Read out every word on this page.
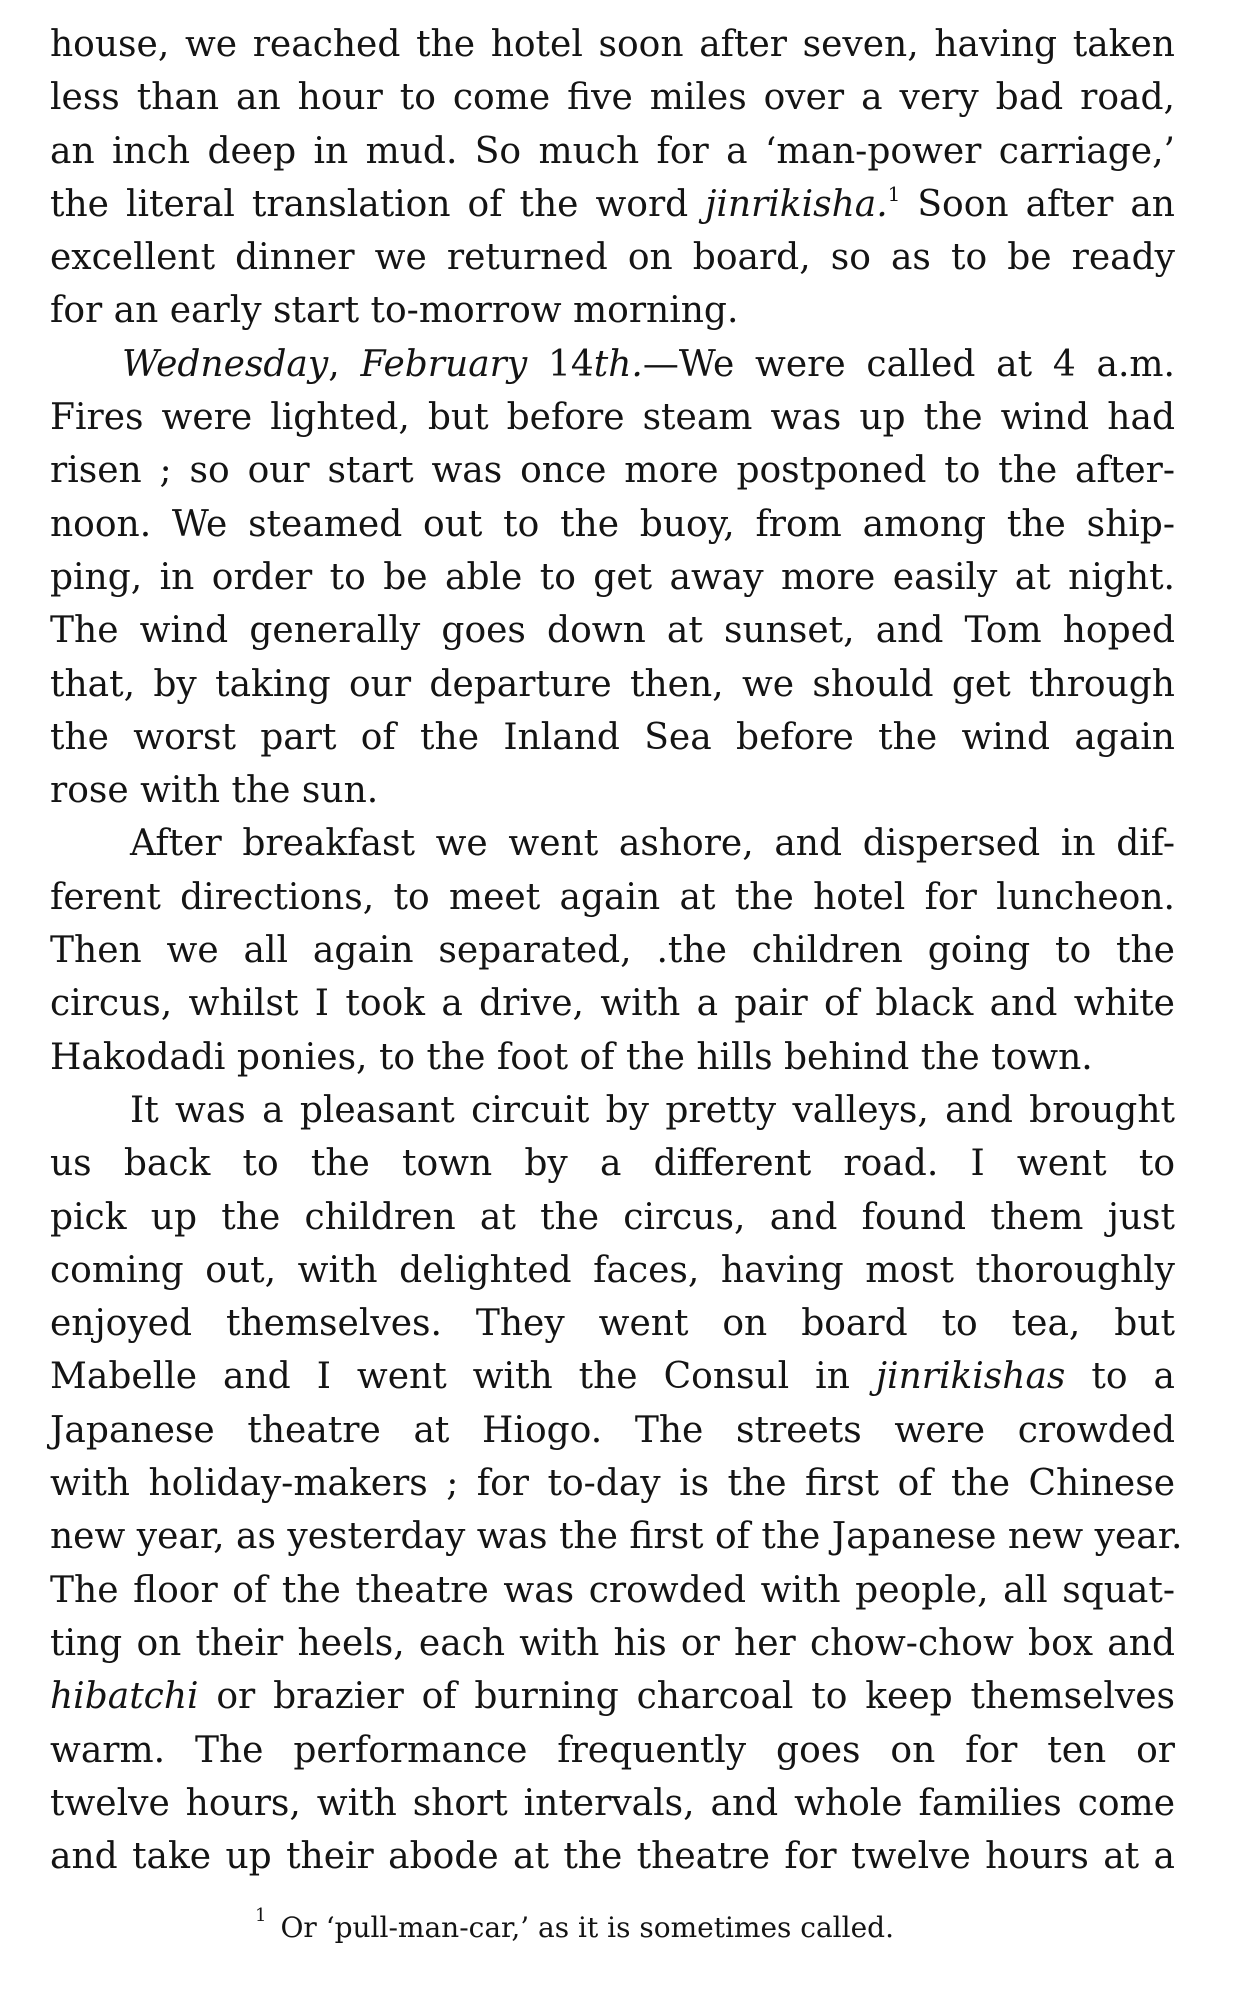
house, we reached the hotel soon after seven, having taken
less than an hour to come five miles over a very bad road,
an inch deep in mud. So much for a ‘man-power carriage,’
the literal translation of the word jinrikisha.$^1$ Soon after an
excellent dinner we returned on board, so as to be ready
for an early start to-morrow morning.
Wednesday, February 14th.—We were called at 4 a.m.
Fires were lighted, but before steam was up the wind had
risen ; so our start was once more postponed to the after-
noon. We steamed out to the buoy, from among the ship-
ping, in order to be able to get away more easily at night.
The wind generally goes down at sunset, and Tom hoped
that, by taking our departure then, we should get through
the worst part of the Inland Sea before the wind again
rose with the sun.
After breakfast we went ashore, and dispersed in dif-
ferent directions, to meet again at the hotel for luncheon.
Then we all again separated, .the children going to the
circus, whilst I took a drive, with a pair of black and white
Hakodadi ponies, to the foot of the hills behind the town.
It was a pleasant circuit by pretty valleys, and brought
us back to the town by a different road. I went to
pick up the children at the circus, and found them just
coming out, with delighted faces, having most thoroughly
enjoyed themselves. They went on board to tea, but
Mabelle and I went with the Consul in jinrikishas to a
Japanese theatre at Hiogo. The streets were crowded
with holiday-makers ; for to-day is the first of the Chinese
new year, as yesterday was the first of the Japanese new year.
The floor of the theatre was crowded with people, all squat-
ting on their heels, each with his or her chow-chow box and
hibatchi or brazier of burning charcoal to keep themselves
warm. The performance frequently goes on for ten or
twelve hours, with short intervals, and whole families come
and take up their abode at the theatre for twelve hours at a
$^1$ Or ‘pull-man-car,’ as it is sometimes called.
